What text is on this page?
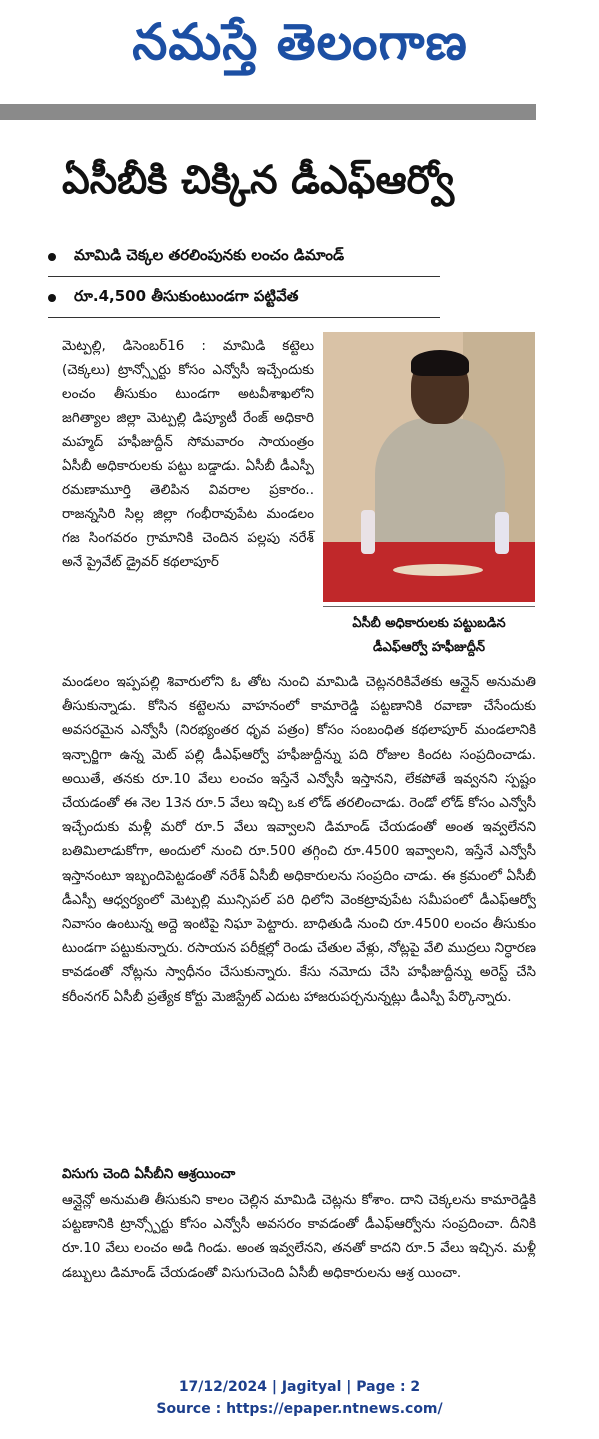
నమస్తే తెలంగాణ
ఏసీబీకి చిక్కిన డీఎఫ్ఆర్వో
మామిడి చెక్కల తరలింపునకు లంచం డిమాండ్
రూ.4,500 తీసుకుంటుండగా పట్టివేత
మెట్పల్లి, డిసెంబర్16 : మామిడి కట్టెలు (చెక్కలు) ట్రాన్స్పోర్టు కోసం ఎన్వోసీ ఇచ్చేందుకు లంచం తీసుకుం టుండగా అటవీశాఖలోని జగిత్యాల జిల్లా మెట్పల్లి డిప్యూటీ రేంజ్ అధికారి మహ్మద్ హఫీజుద్దీన్ సోమవారం సాయంత్రం ఏసీబీ అధికారులకు పట్టు బడ్డాడు. ఏసీబీ డీఎస్పీ రమణామూర్తి తెలిపిన వివరాల ప్రకారం.. రాజన్నసిరి సిల్ల జిల్లా గంభీరావుపేట మండలం గజ సింగవరం గ్రామానికి చెందిన పల్లపు నరేశ్ అనే ప్రైవేట్ డ్రైవర్ కథలాపూర్
ఏసీబీ అధికారులకు పట్టుబడిన
డీఎఫ్ఆర్వో హఫీజుద్దీన్
మండలం ఇప్పపల్లి శివారులోని ఓ తోట నుంచి మామిడి చెట్లనరికివేతకు ఆన్లైన్ అనుమతి తీసుకున్నాడు. కోసిన కట్టెలను వాహనంలో కామారెడ్డి పట్టణానికి రవాణా చేసేందుకు అవసరమైన ఎన్వోసీ (నిరభ్యంతర ధృవ పత్రం) కోసం సంబంధిత కథలాపూర్ మండలానికి ఇన్చార్జిగా ఉన్న మెట్ పల్లి డీఎఫ్ఆర్వో హఫీజుద్దీన్ను పది రోజుల కిందట సంప్రదించాడు. అయితే, తనకు రూ.10 వేలు లంచం ఇస్తేనే ఎన్వోసీ ఇస్తానని, లేకపోతే ఇవ్వనని స్పష్టం చేయడంతో ఈ నెల 13న రూ.5 వేలు ఇచ్చి ఒక లోడ్ తరలించాడు. రెండో లోడ్ కోసం ఎన్వోసీ ఇచ్చేందుకు మళ్లీ మరో రూ.5 వేలు ఇవ్వాలని డిమాండ్ చేయడంతో అంత ఇవ్వలేనని బతిమిలాడుకోగా, అందులో నుంచి రూ.500 తగ్గించి రూ.4500 ఇవ్వాలని, ఇస్తేనే ఎన్వోసీ ఇస్తానంటూ ఇబ్బందిపెట్టడంతో నరేశ్ ఏసీబీ అధికారులను సంప్రదిం చాడు. ఈ క్రమంలో ఏసీబీ డీఎస్పీ ఆధ్వర్యంలో మెట్పల్లి మున్సిపల్ పరి ధిలోని వెంకట్రావుపేట సమీపంలో డీఎఫ్ఆర్వో నివాసం ఉంటున్న అద్దె ఇంటిపై నిఘా పెట్టారు. బాధితుడి నుంచి రూ.4500 లంచం తీసుకుం టుండగా పట్టుకున్నారు. రసాయన పరీక్షల్లో రెండు చేతుల వేళ్లు, నోట్లపై వేలి ముద్రలు నిర్ధారణ కావడంతో నోట్లను స్వాధీనం చేసుకున్నారు. కేసు నమోదు చేసి హఫీజుద్దీన్ను అరెస్ట్ చేసి కరీంనగర్ ఏసీబీ ప్రత్యేక కోర్టు మెజిస్ట్రేట్ ఎదుట హాజరుపర్చనున్నట్లు డీఎస్పీ పేర్కొన్నారు.
విసుగు చెంది ఏసీబీని ఆశ్రయించా
ఆన్లైన్లో అనుమతి తీసుకుని కాలం చెల్లిన మామిడి చెట్లను కోశాం. దాని చెక్కలను కామారెడ్డికి పట్టణానికి ట్రాన్స్పోర్టు కోసం ఎన్వోసీ అవసరం కావడంతో డీఎఫ్ఆర్వోను సంప్రదించా. దీనికి రూ.10 వేలు లంచం అడి గిండు. అంత ఇవ్వలేనని, తనతో కాదని రూ.5 వేలు ఇచ్చిన. మళ్లీ డబ్బులు డిమాండ్ చేయడంతో విసుగుచెంది ఏసీబీ అధికారులను ఆశ్ర యించా.
17/12/2024 | Jagityal | Page : 2
Source : https://epaper.ntnews.com/
